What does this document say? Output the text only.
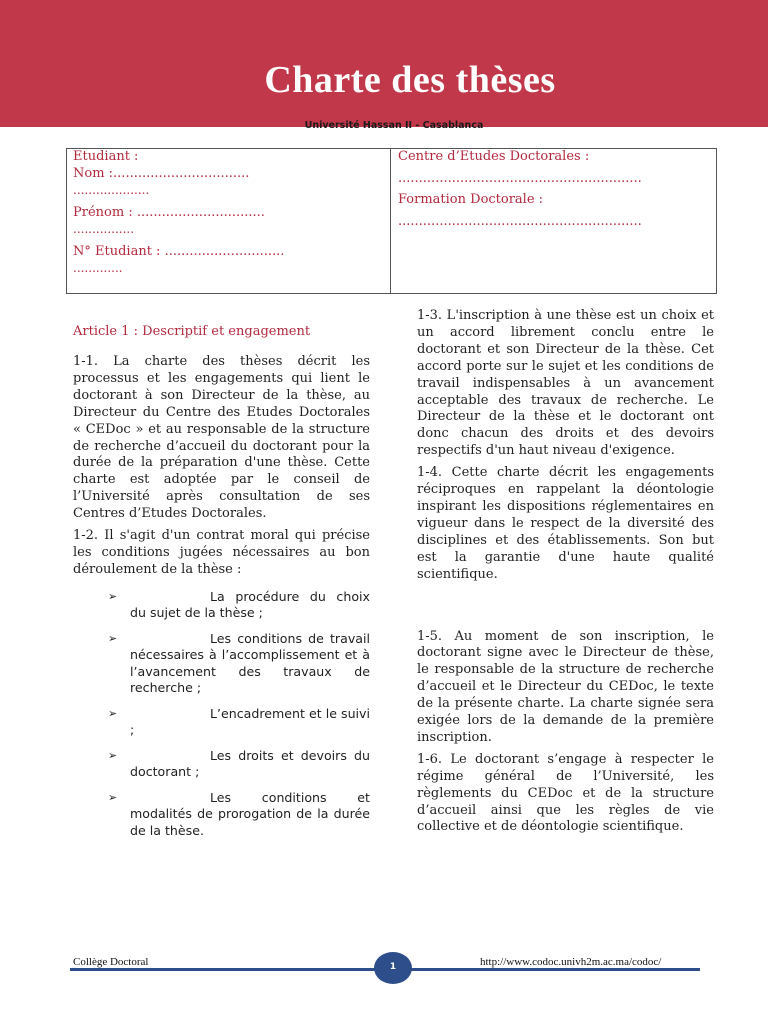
Charte des thèses
Université Hassan II - Casablanca
Etudiant :
Nom :.................................
....................
Prénom : ...............................
................
N° Etudiant : .............................
.............
Centre d’Etudes Doctorales :
...........................................................
Formation Doctorale :
...........................................................
Article 1 : Descriptif et engagement

1-1. La charte des thèses décrit les processus et les engagements qui lient le doctorant à son Directeur de la thèse, au Directeur du Centre des Etudes Doctorales « CEDoc » et au responsable de la structure de recherche d’accueil du doctorant pour la durée de la préparation d'une thèse. Cette charte est adoptée par le conseil de l’Université après consultation de ses Centres d’Etudes Doctorales.

1-2. Il s'agit d'un contrat moral qui précise les conditions jugées nécessaires au bon déroulement de la thèse :

➢	La procédure du choix du sujet de la thèse ;
➢	Les conditions de travail nécessaires à l’accomplissement et à l’avancement des travaux de recherche ;
➢	L’encadrement et le suivi ;
➢	Les droits et devoirs du doctorant ;
➢	Les conditions et modalités de prorogation de la durée de la thèse.

1-3. L'inscription à une thèse est un choix et un accord librement conclu entre le doctorant et son Directeur de la thèse. Cet accord porte sur le sujet et les conditions de travail indispensables à un avancement acceptable des travaux de recherche. Le Directeur de la thèse et le doctorant ont donc chacun des droits et des devoirs respectifs d'un haut niveau d'exigence.

1-4. Cette charte décrit les engagements réciproques en rappelant la déontologie inspirant les dispositions réglementaires en vigueur dans le respect de la diversité des disciplines et des établissements. Son but est la garantie d'une haute qualité scientifique.

1-5. Au moment de son inscription, le doctorant signe avec le Directeur de thèse, le responsable de la structure de recherche d’accueil et le Directeur du CEDoc, le texte de la présente charte. La charte signée sera exigée lors de la demande de la première inscription.

1-6. Le doctorant s’engage à respecter le régime général de l’Université, les règlements du CEDoc et de la structure d’accueil ainsi que les règles de vie collective et de déontologie scientifique.

Collège Doctoral	1	http://www.codoc.univh2m.ac.ma/codoc/
